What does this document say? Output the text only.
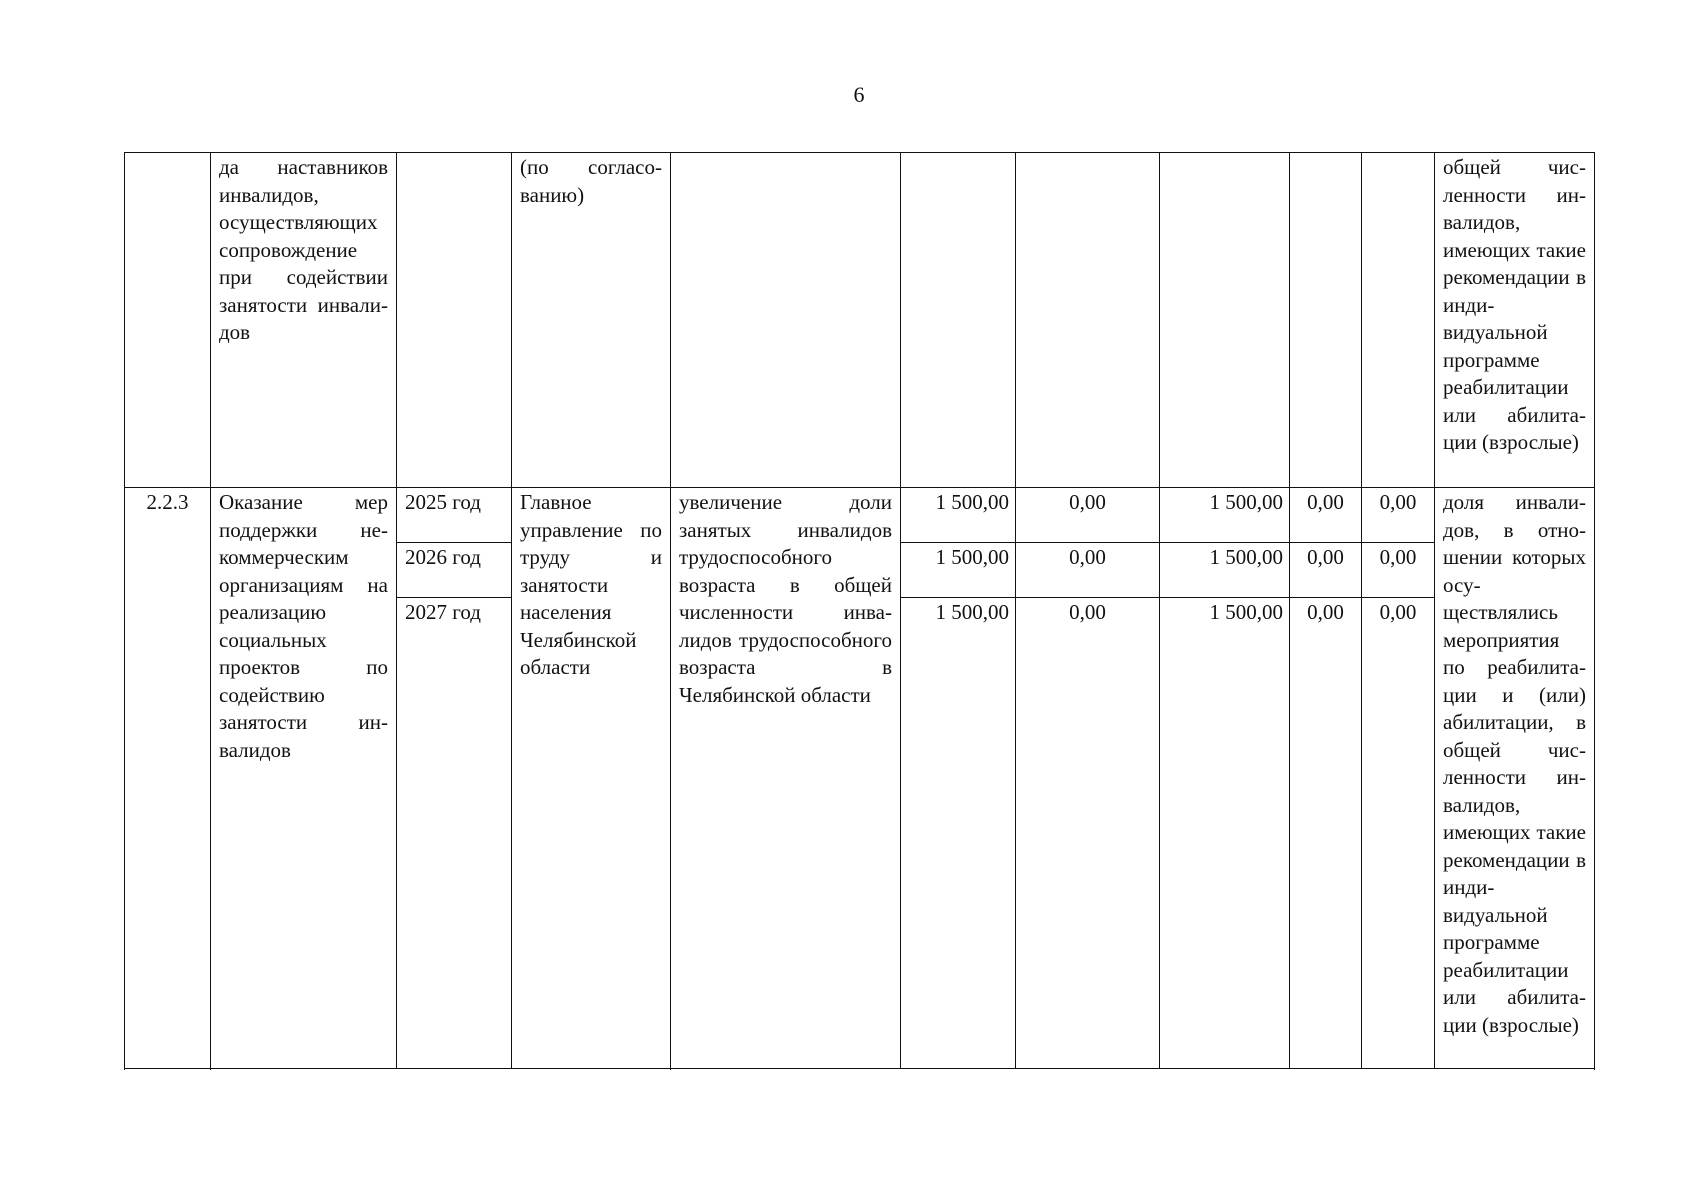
6
	да наставников инвалидов, осуществляющих сопровождение при содействии занятости инвалидов		(по согласованию)							общей численности инвалидов, имеющих такие рекомендации в индивидуальной программе реабилитации или абилитации (взрослые)
2.2.3	Оказание мер поддержки некоммерческим организациям на реализацию социальных проектов по содействию занятости инвалидов	2025 год	Главное управление по труду и занятости населения Челябинской области	увеличение доли занятых инвалидов трудоспособного возраста в общей численности инвалидов трудоспособного возраста в Челябинской области	1 500,00	0,00	1 500,00	0,00	0,00	доля инвалидов, в отношении которых осуществлялись мероприятия по реабилитации и (или) абилитации, в общей численности инвалидов, имеющих такие рекомендации в индивидуальной программе реабилитации или абилитации (взрослые)
		2026 год			1 500,00	0,00	1 500,00	0,00	0,00	
		2027 год			1 500,00	0,00	1 500,00	0,00	0,00	
